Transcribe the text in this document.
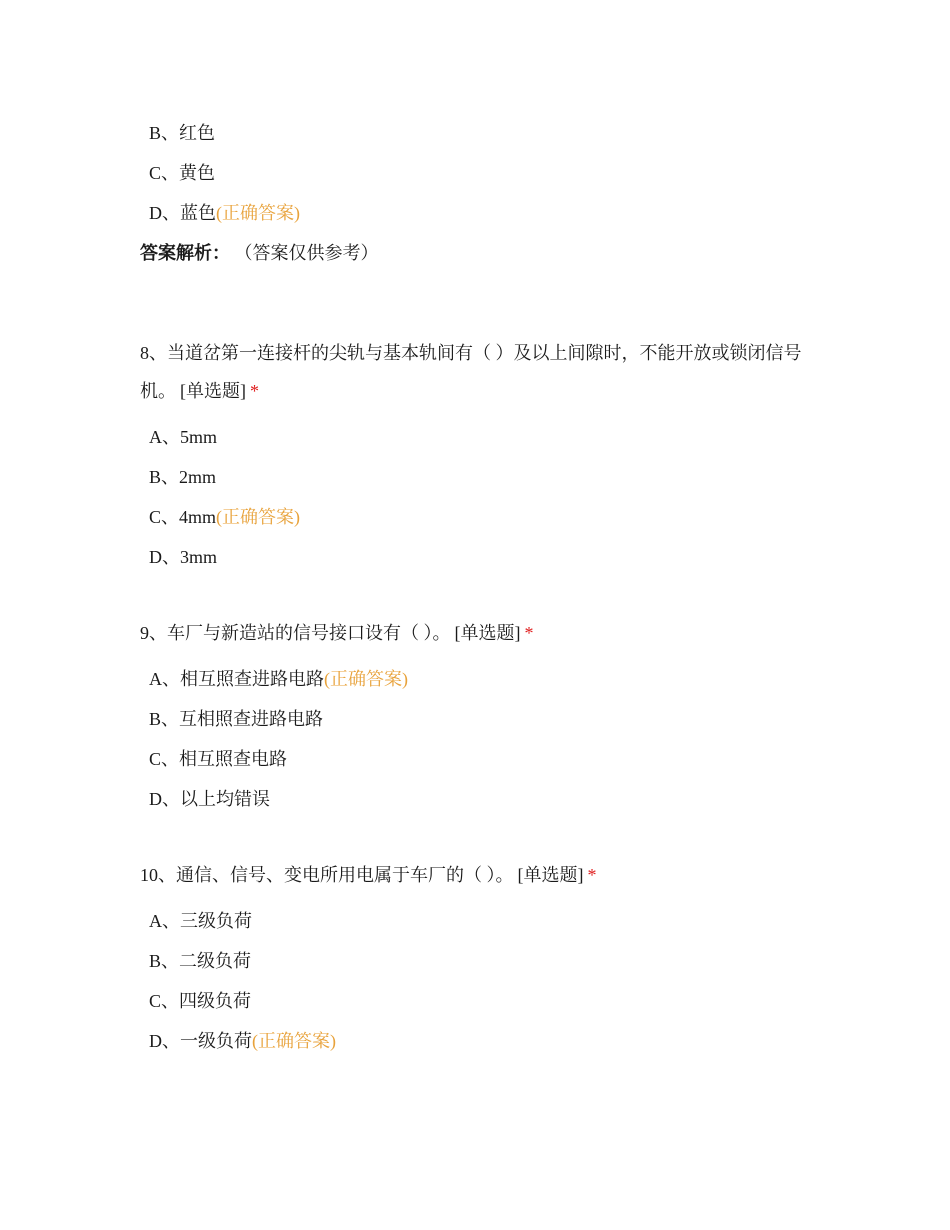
B、红色
C、黄色
D、蓝色(正确答案)
答案解析： （答案仅供参考）
8、当道岔第一连接杆的尖轨与基本轨间有（ ）及以上间隙时，不能开放或锁闭信号机。 [单选题] *
A、5mm
B、2mm
C、4mm(正确答案)
D、3mm
9、车厂与新造站的信号接口设有（ ）。 [单选题] *
A、相互照查进路电路(正确答案)
B、互相照查进路电路
C、相互照查电路
D、以上均错误
10、通信、信号、变电所用电属于车厂的（ ）。 [单选题] *
A、三级负荷
B、二级负荷
C、四级负荷
D、一级负荷(正确答案)
